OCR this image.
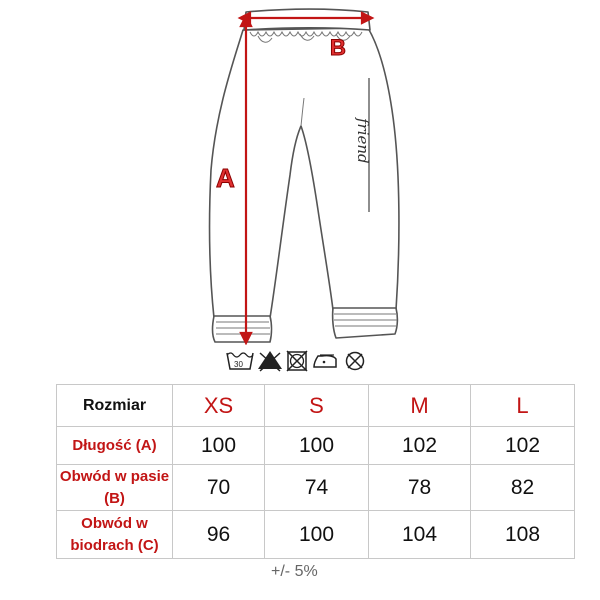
friend
A
B
30
Rozmiar	XS	S	M	L
Długość (A)	100	100	102	102
Obwód w pasie (B)	70	74	78	82
Obwód w biodrach (C)	96	100	104	108
+/- 5%
